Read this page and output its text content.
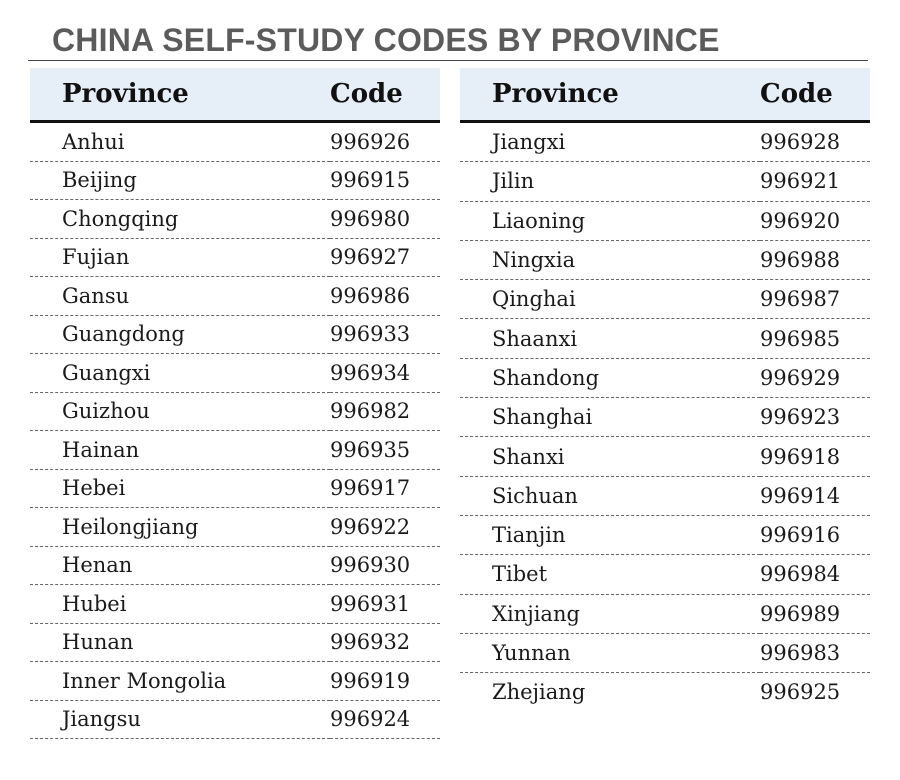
CHINA SELF-STUDY CODES BY PROVINCE
Province	Code
Anhui	996926
Beijing	996915
Chongqing	996980
Fujian	996927
Gansu	996986
Guangdong	996933
Guangxi	996934
Guizhou	996982
Hainan	996935
Hebei	996917
Heilongjiang	996922
Henan	996930
Hubei	996931
Hunan	996932
Inner Mongolia	996919
Jiangsu	996924
Province	Code
Jiangxi	996928
Jilin	996921
Liaoning	996920
Ningxia	996988
Qinghai	996987
Shaanxi	996985
Shandong	996929
Shanghai	996923
Shanxi	996918
Sichuan	996914
Tianjin	996916
Tibet	996984
Xinjiang	996989
Yunnan	996983
Zhejiang	996925
